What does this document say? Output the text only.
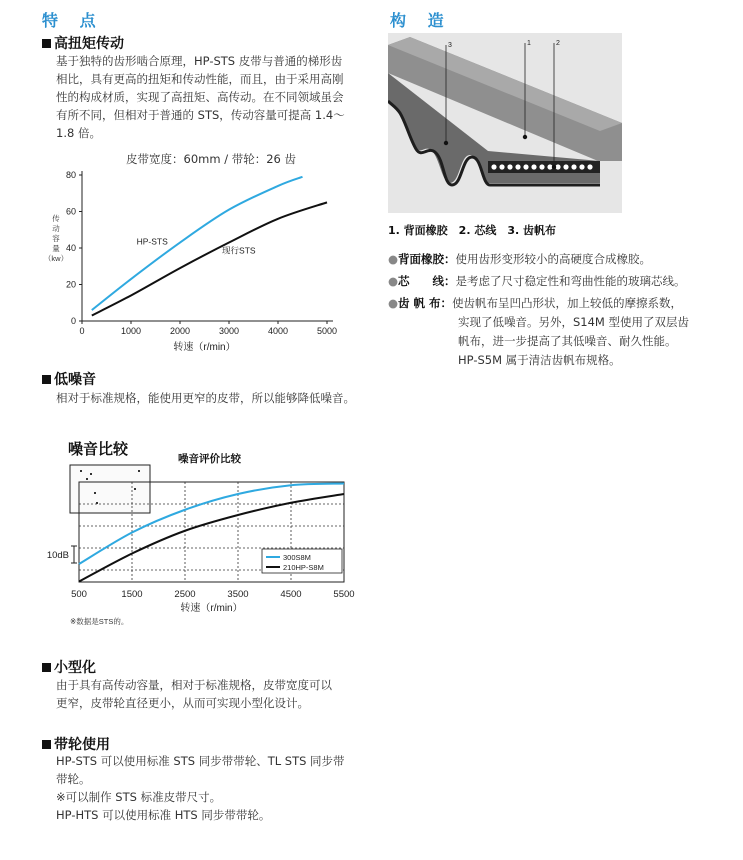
特 点
高扭矩传动
基于独特的齿形啮合原理，HP-STS 皮带与普通的梯形齿
相比，具有更高的扭矩和传动性能，而且，由于采用高刚
性的构成材质，实现了高扭矩、高传动。在不同领域虽会
有所不同，但相对于普通的 STS，传动容量可提高 1.4～
1.8 倍。
皮带宽度：60mm / 带轮：26 齿
0
20
40
60
80
0	1000	2000	3000	4000	5000
转速（r/min）
传
动
容
量
（kw）
HP-STS
现行STS
低噪音
相对于标准规格，能使用更窄的皮带，所以能够降低噪音。
噪音比较
噪音评价比较
500	1500	2500	3500	4500	5500
10dB	300S8M
210HP-S8M
转速（r/min）
※数据是STS的。
小型化
由于具有高传动容量，相对于标准规格，皮带宽度可以
更窄，皮带轮直径更小，从而可实现小型化设计。
带轮使用
HP-STS 可以使用标准 STS 同步带带轮、TL STS 同步带
带轮。
※可以制作 STS 标准皮带尺寸。
HP-HTS 可以使用标准 HTS 同步带带轮。
构 造
3	1	2
1. 背面橡胶　2. 芯线　3. 齿帆布
●背面橡胶：使用齿形变形较小的高硬度合成橡胶。
●芯　　线：是考虑了尺寸稳定性和弯曲性能的玻璃芯线。
●齿 帆 布：使齿帆布呈凹凸形状，加上较低的摩擦系数，
实现了低噪音。另外，S14M 型使用了双层齿
帆布，进一步提高了其低噪音、耐久性能。
HP-S5M 属于清洁齿帆布规格。
